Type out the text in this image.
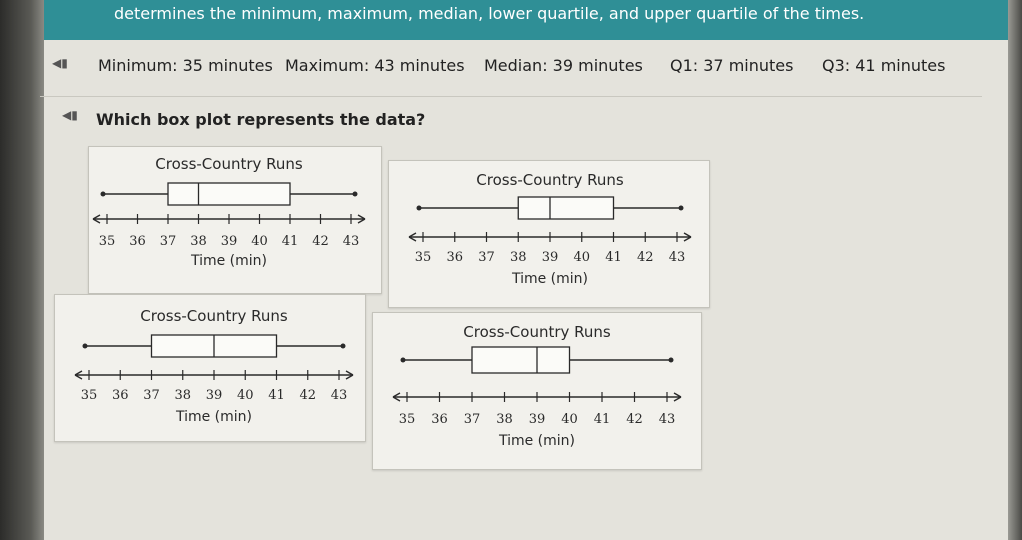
determines the minimum, maximum, median, lower quartile, and upper quartile of the times.
◀▮ Minimum: 35 minutes Maximum: 43 minutes Median: 39 minutes Q1: 37 minutes Q3: 41 minutes
◀▮ Which box plot represents the data?
Cross-Country Runs
35 36 37 38 39 40 41 42 43
Time (min)
Cross-Country Runs
35 36 37 38 39 40 41 42 43
Time (min)
Cross-Country Runs
35 36 37 38 39 40 41 42 43
Time (min)
Cross-Country Runs
35 36 37 38 39 40 41 42 43
Time (min)
